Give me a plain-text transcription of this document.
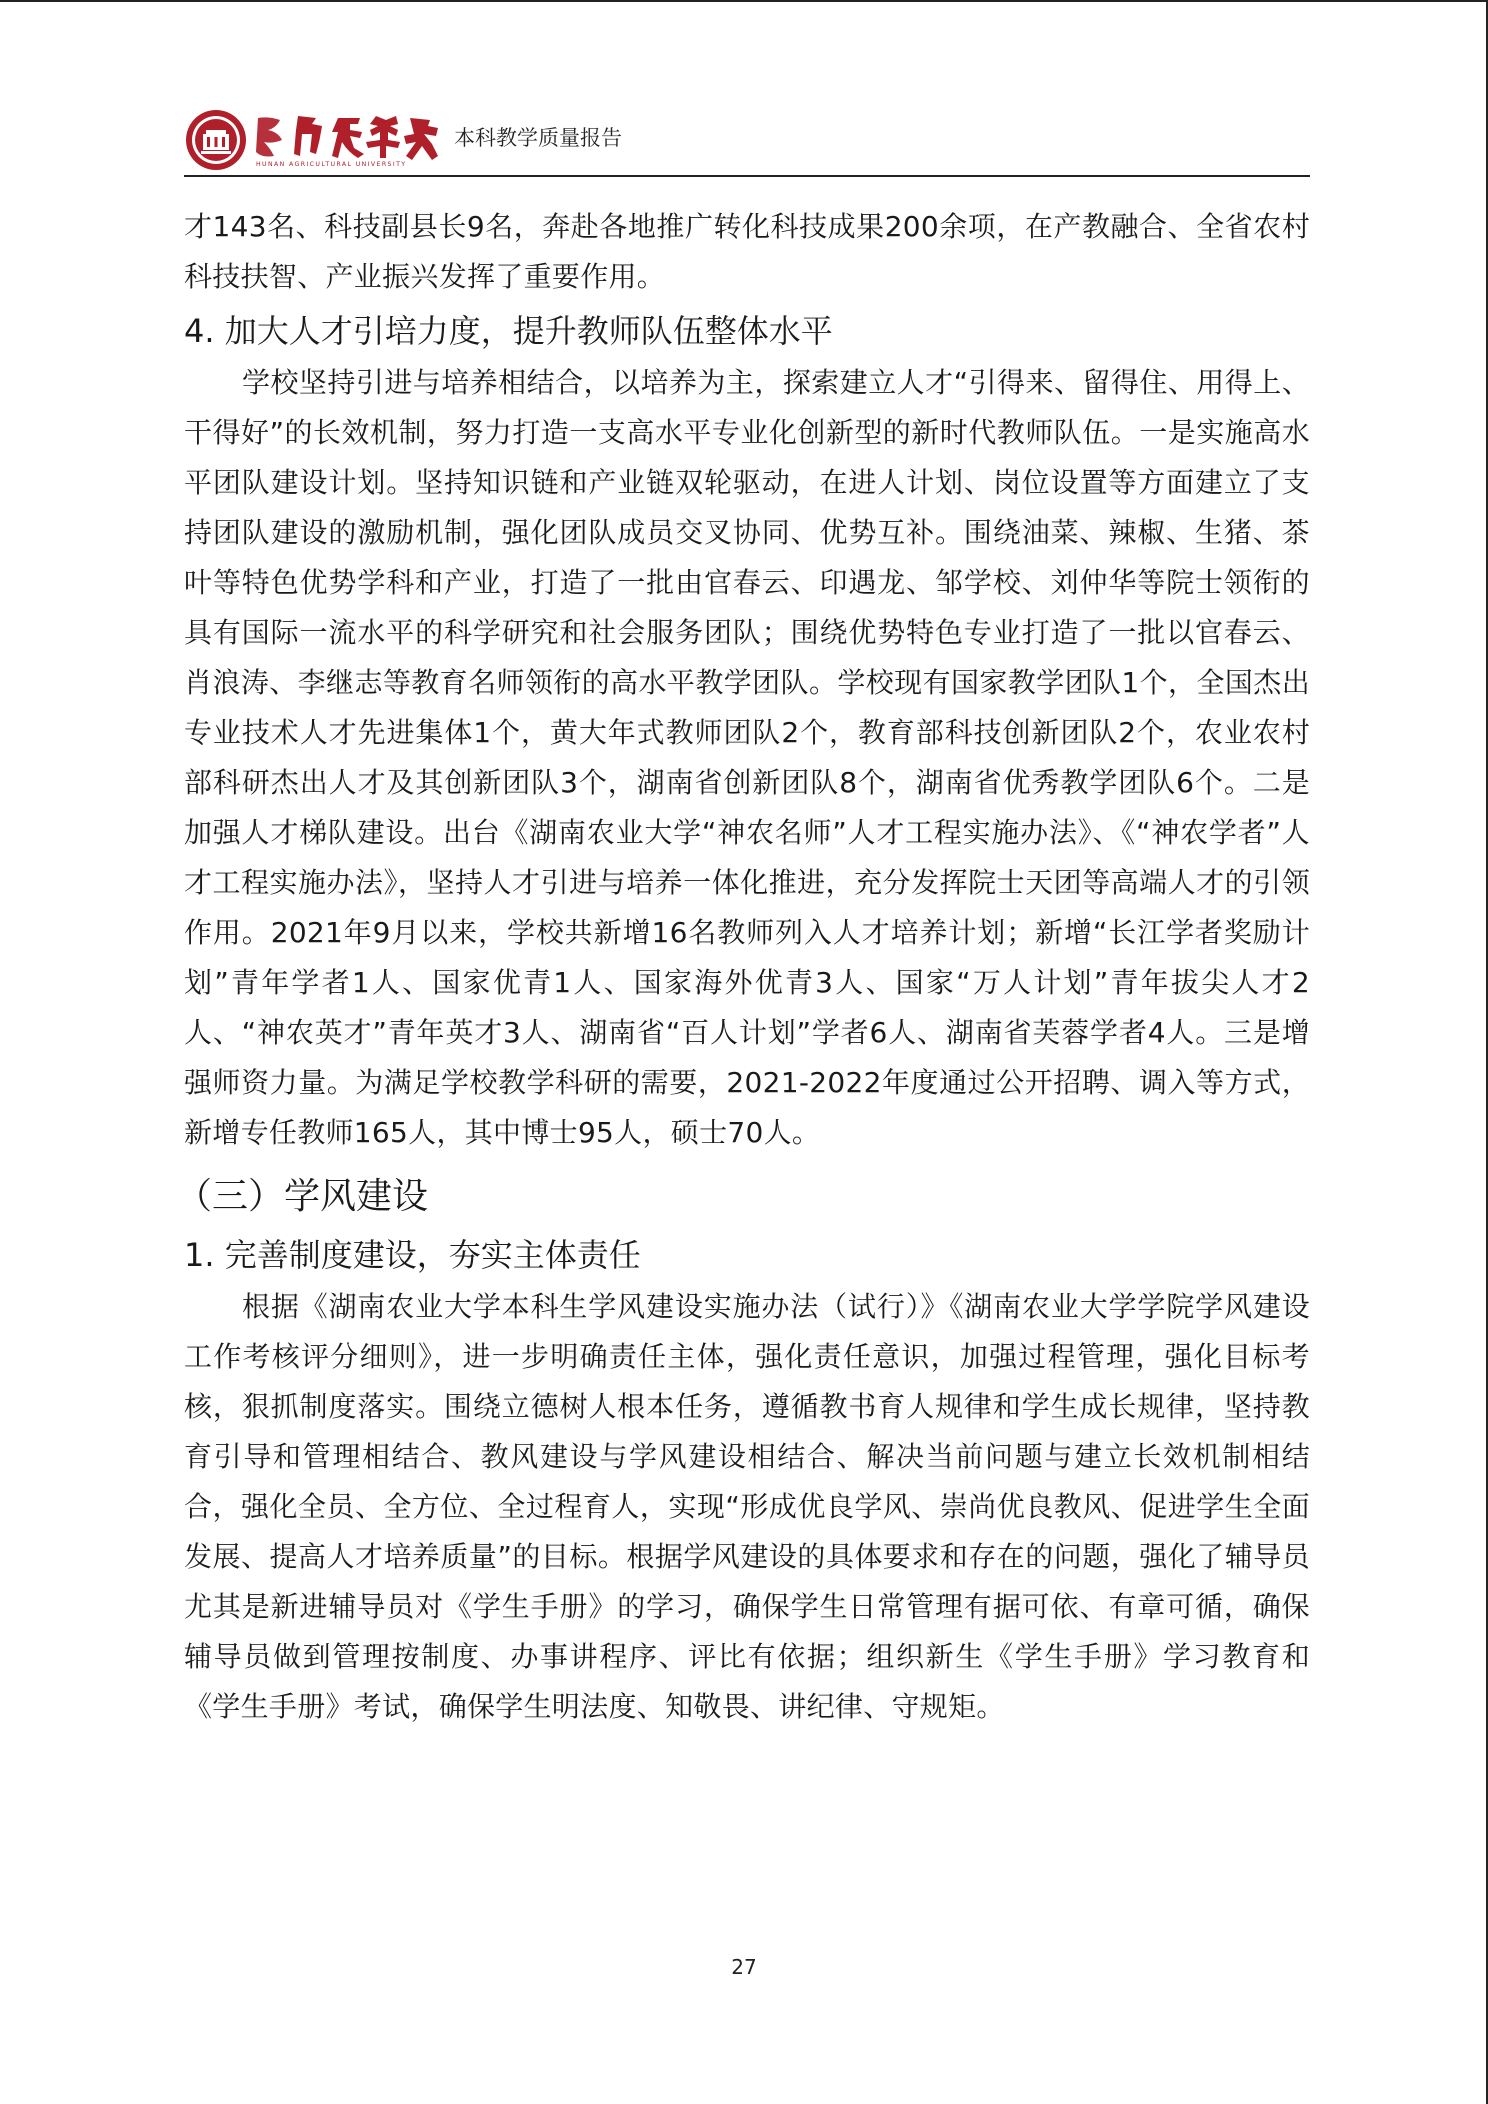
HUNAN AGRICULTURAL UNIVERSITY
本科教学质量报告

才143名、科技副县长9名，奔赴各地推广转化科技成果200余项，在产教融合、全省农村科技扶智、产业振兴发挥了重要作用。

4. 加大人才引培力度，提升教师队伍整体水平

学校坚持引进与培养相结合，以培养为主，探索建立人才“引得来、留得住、用得上、干得好”的长效机制，努力打造一支高水平专业化创新型的新时代教师队伍。一是实施高水平团队建设计划。坚持知识链和产业链双轮驱动，在进人计划、岗位设置等方面建立了支持团队建设的激励机制，强化团队成员交叉协同、优势互补。围绕油菜、辣椒、生猪、茶叶等特色优势学科和产业，打造了一批由官春云、印遇龙、邹学校、刘仲华等院士领衔的具有国际一流水平的科学研究和社会服务团队；围绕优势特色专业打造了一批以官春云、肖浪涛、李继志等教育名师领衔的高水平教学团队。学校现有国家教学团队1个，全国杰出专业技术人才先进集体1个，黄大年式教师团队2个，教育部科技创新团队2个，农业农村部科研杰出人才及其创新团队3个，湖南省创新团队8个，湖南省优秀教学团队6个。二是加强人才梯队建设。出台《湖南农业大学“神农名师”人才工程实施办法》、《“神农学者”人才工程实施办法》，坚持人才引进与培养一体化推进，充分发挥院士天团等高端人才的引领作用。2021年9月以来，学校共新增16名教师列入人才培养计划；新增“长江学者奖励计划”青年学者1人、国家优青1人、国家海外优青3人、国家“万人计划”青年拔尖人才2人、“神农英才”青年英才3人、湖南省“百人计划”学者6人、湖南省芙蓉学者4人。三是增强师资力量。为满足学校教学科研的需要，2021-2022年度通过公开招聘、调入等方式，新增专任教师165人，其中博士95人，硕士70人。

（三）学风建设
1. 完善制度建设，夯实主体责任

根据《湖南农业大学本科生学风建设实施办法（试行）》《湖南农业大学学院学风建设工作考核评分细则》，进一步明确责任主体，强化责任意识，加强过程管理，强化目标考核，狠抓制度落实。围绕立德树人根本任务，遵循教书育人规律和学生成长规律，坚持教育引导和管理相结合、教风建设与学风建设相结合、解决当前问题与建立长效机制相结合，强化全员、全方位、全过程育人，实现“形成优良学风、崇尚优良教风、促进学生全面发展、提高人才培养质量”的目标。根据学风建设的具体要求和存在的问题，强化了辅导员尤其是新进辅导员对《学生手册》的学习，确保学生日常管理有据可依、有章可循，确保辅导员做到管理按制度、办事讲程序、评比有依据；组织新生《学生手册》学习教育和《学生手册》考试，确保学生明法度、知敬畏、讲纪律、守规矩。

27
